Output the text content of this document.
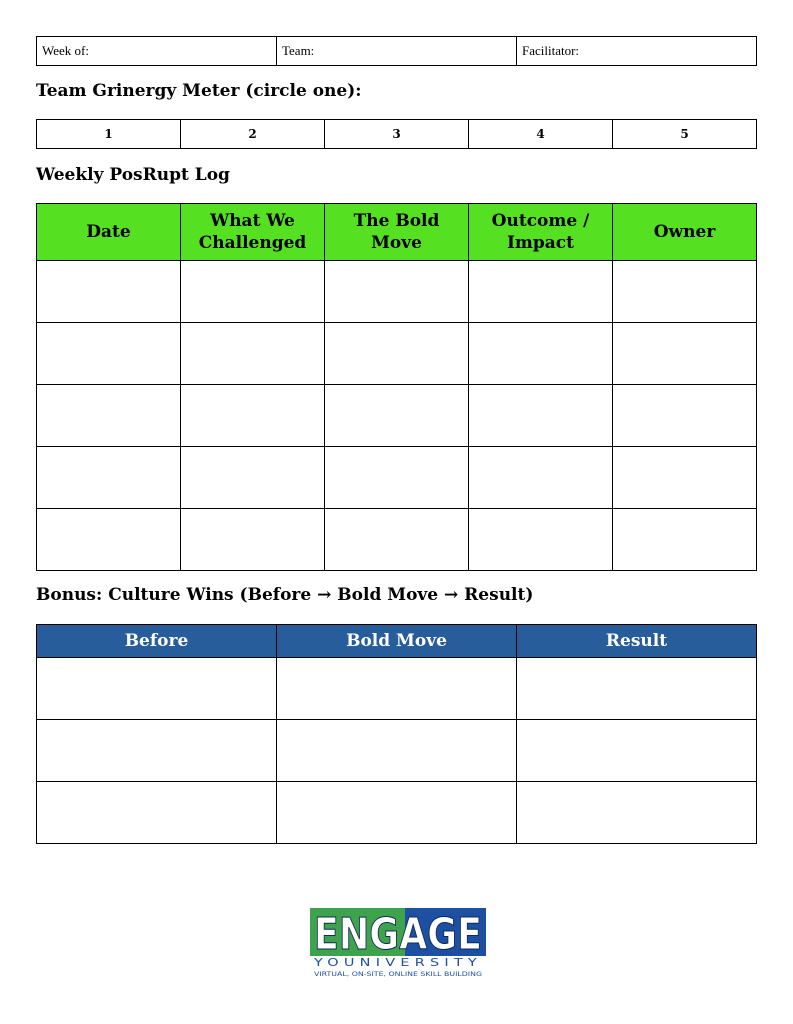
Week of:	Team:	Facilitator:
Team Grinergy Meter (circle one):
1	2	3	4	5
Weekly PosRupt Log
Date	What We Challenged	The Bold Move	Outcome / Impact	Owner

Bonus: Culture Wins (Before → Bold Move → Result)
Before	Bold Move	Result

ENGAGE
YOUNIVERSITY
VIRTUAL, ON-SITE, ONLINE SKILL BUILDING
